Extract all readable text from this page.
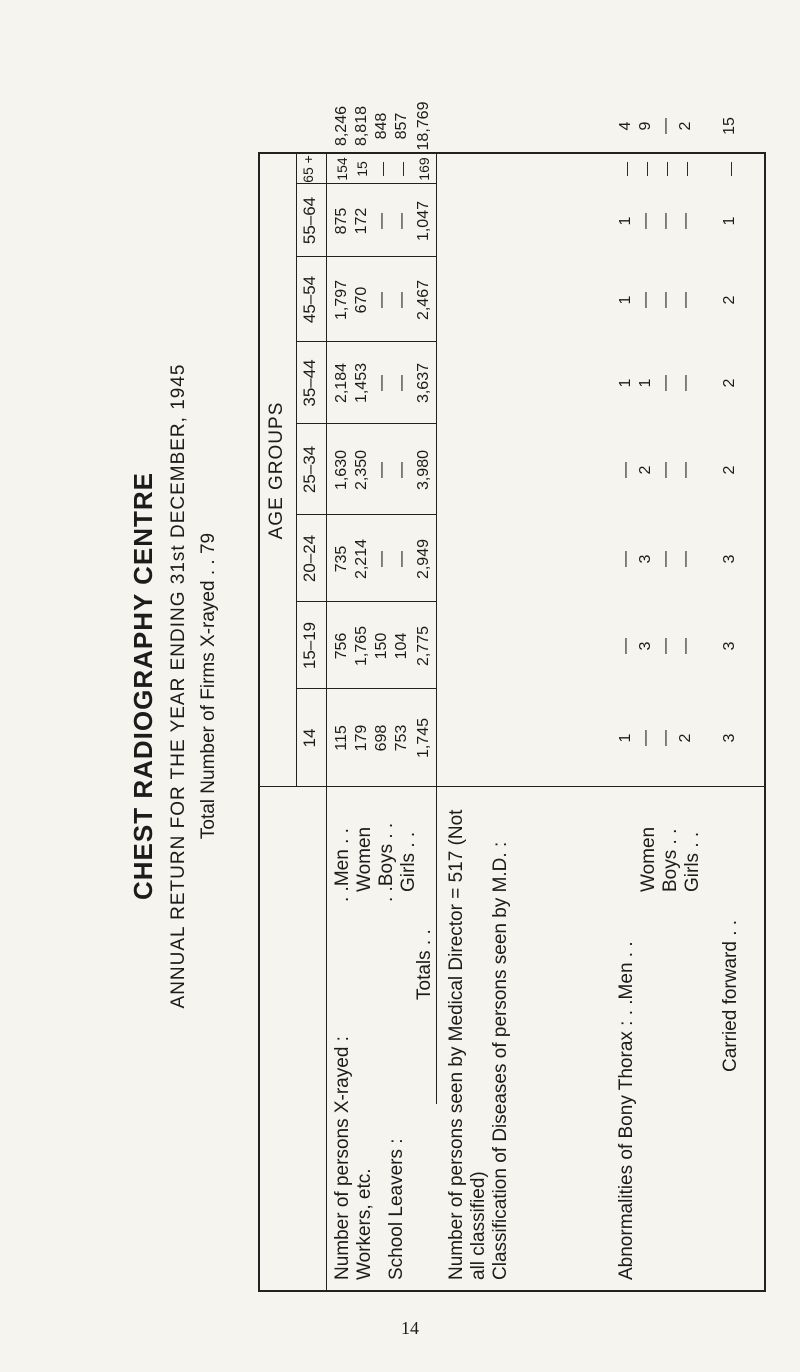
CHEST RADIOGRAPHY CENTRE ANNUAL RETURN FOR THE YEAR ENDING 31st DECEMBER, 1945 Total Number of Firms X-rayed . . 79
AGE GROUPS
14
15–19
20–24
25–34
35–44
45–54
55–64
65 +
Number of persons X-rayed : Workers, etc.
. .Men . . Women
School Leavers :
. .Boys . . Girls . .
Totals . . Number of persons seen by Medical Director = 517 (Not all classified) Classification of Diseases of persons seen by M.D. :	Abnormalities of Bony Thorax : . .Men . .
Women Boys . . Girls . .
Carried forward . .
115
756
735
1,630
2,184
1,797
875
154
8,246
179
1,765
2,214
2,350
1,453
670
172
15
8,818
698
150
—
—
—
—
—
—
848
753
104
—
—
—
—
—
—
857
1,745
2,775
2,949
3,980
3,637
2,467
1,047
169
18,769
1
—
—
—
1
1
1
—
4
—
3
3
2
1
—
—
—
9
—
—
—
—
—
—
—
—
—
2
—
—
—
—
—
—
—
2
3
3
3
2
2
2
1
—
15
14
